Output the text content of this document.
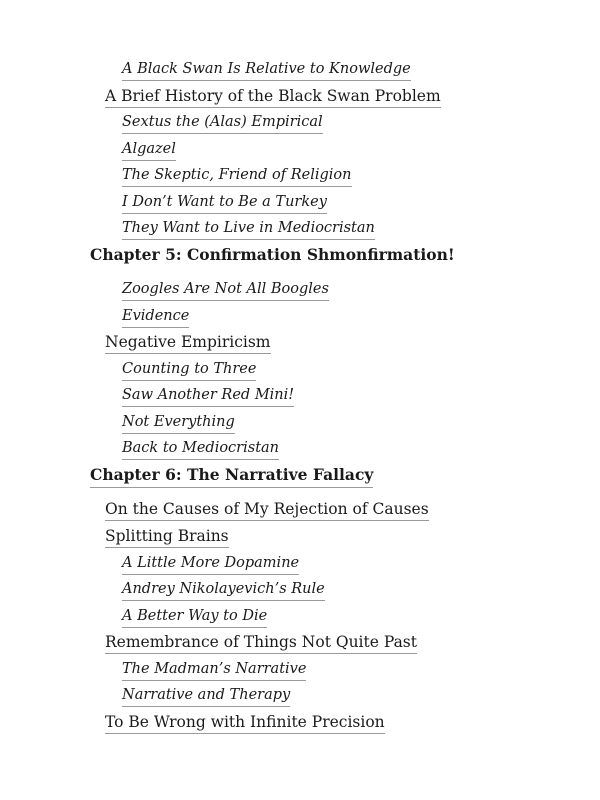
A Black Swan Is Relative to Knowledge
A Brief History of the Black Swan Problem
Sextus the (Alas) Empirical
Algazel
The Skeptic, Friend of Religion
I Don’t Want to Be a Turkey
They Want to Live in Mediocristan
Chapter 5: Confirmation Shmonfirmation!
Zoogles Are Not All Boogles
Evidence
Negative Empiricism
Counting to Three
Saw Another Red Mini!
Not Everything
Back to Mediocristan
Chapter 6: The Narrative Fallacy
On the Causes of My Rejection of Causes
Splitting Brains
A Little More Dopamine
Andrey Nikolayevich’s Rule
A Better Way to Die
Remembrance of Things Not Quite Past
The Madman’s Narrative
Narrative and Therapy
To Be Wrong with Infinite Precision
